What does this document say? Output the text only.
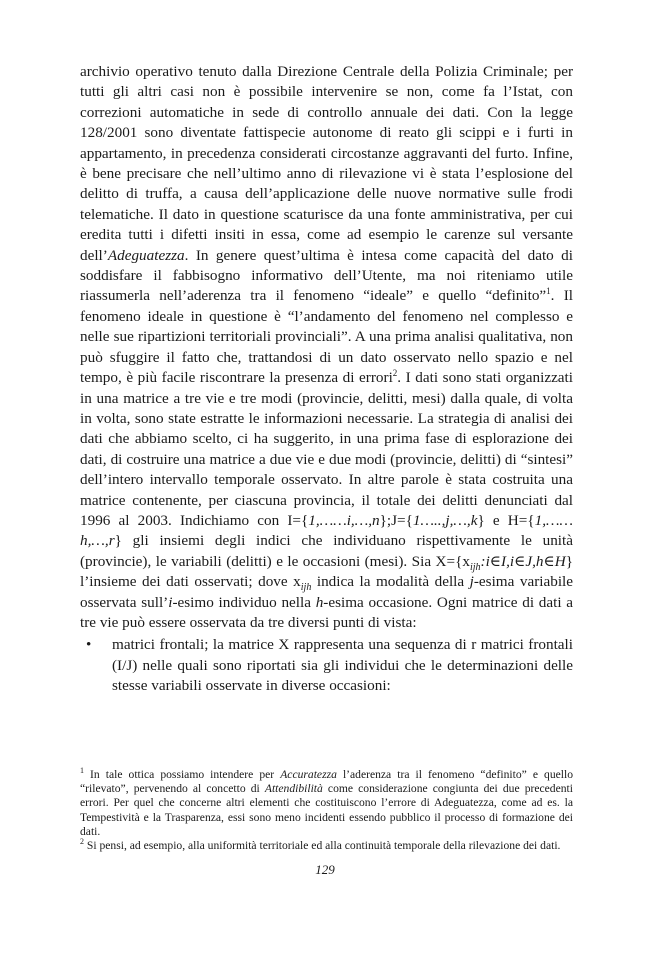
archivio operativo tenuto dalla Direzione Centrale della Polizia Criminale; per tutti gli altri casi non è possibile intervenire se non, come fa l’Istat, con correzioni automatiche in sede di controllo annuale dei dati. Con la legge 128/2001 sono diventate fattispecie autonome di reato gli scippi e i furti in appartamento, in precedenza considerati circostanze aggravanti del furto. Infine, è bene precisare che nell’ultimo anno di rilevazione vi è stata l’esplosione del delitto di truffa, a causa dell’applicazione delle nuove normative sulle frodi telematiche. Il dato in questione scaturisce da una fonte amministrativa, per cui eredita tutti i difetti insiti in essa, come ad esempio le carenze sul versante dell’Adeguatezza. In genere quest’ultima è intesa come capacità del dato di soddisfare il fabbisogno informativo dell’Utente, ma noi riteniamo utile riassumerla nell’aderenza tra il fenomeno “ideale” e quello “definito”$^1$. Il fenomeno ideale in questione è “l’andamento del fenomeno nel complesso e nelle sue ripartizioni territoriali provinciali”. A una prima analisi qualitativa, non può sfuggire il fatto che, trattandosi di un dato osservato nello spazio e nel tempo, è più facile riscontrare la presenza di errori$^2$. I dati sono stati organizzati in una matrice a tre vie e tre modi (provincie, delitti, mesi) dalla quale, di volta in volta, sono state estratte le informazioni necessarie. La strategia di analisi dei dati che abbiamo scelto, ci ha suggerito, in una prima fase di esplorazione dei dati, di costruire una matrice a due vie e due modi (provincie, delitti) di “sintesi” dell’intero intervallo temporale osservato. In altre parole è stata costruita una matrice contenente, per ciascuna provincia, il totale dei delitti denunciati dal 1996 al 2003. Indichiamo con I={1,……i,…,n};J={1…..,j,…,k} e H={1,……h,…,r} gli insiemi degli indici che individuano rispettivamente le unità (provincie), le variabili (delitti) e le occasioni (mesi). Sia $X=\{x_{ijh}:i\in I,i\in J,h\in H\}$ l’insieme dei dati osservati; dove $x_{ijh}$ indica la modalità della j-esima variabile osservata sull’i-esimo individuo nella h-esima occasione. Ogni matrice di dati a tre vie può essere osservata da tre diversi punti di vista:

• matrici frontali; la matrice X rappresenta una sequenza di r matrici frontali (I/J) nelle quali sono riportati sia gli individui che le determinazioni delle stesse variabili osservate in diverse occasioni:

$^1$ In tale ottica possiamo intendere per Accuratezza l’aderenza tra il fenomeno “definito” e quello “rilevato”, pervenendo al concetto di Attendibilità come considerazione congiunta dei due precedenti errori. Per quel che concerne altri elementi che costituiscono l’errore di Adeguatezza, come ad es. la Tempestività e la Trasparenza, essi sono meno incidenti essendo pubblico il processo di formazione dei dati.

$^2$ Si pensi, ad esempio, alla uniformità territoriale ed alla continuità temporale della rilevazione dei dati.

129
